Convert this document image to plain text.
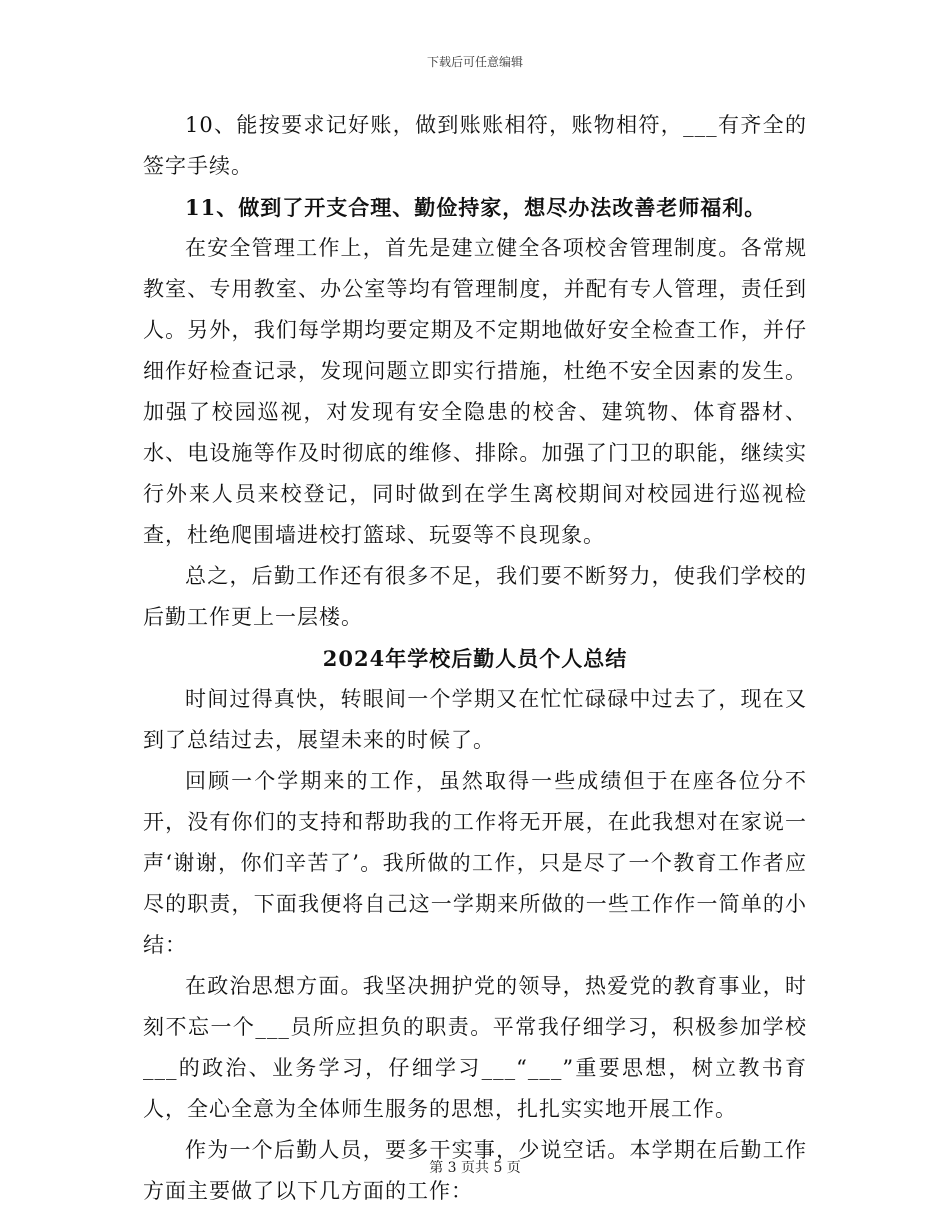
下载后可任意编辑

10、能按要求记好账，做到账账相符，账物相符，___有齐全的签字手续。

11、做到了开支合理、勤俭持家，想尽办法改善老师福利。

在安全管理工作上，首先是建立健全各项校舍管理制度。各常规教室、专用教室、办公室等均有管理制度，并配有专人管理，责任到人。另外，我们每学期均要定期及不定期地做好安全检查工作，并仔细作好检查记录，发现问题立即实行措施，杜绝不安全因素的发生。加强了校园巡视，对发现有安全隐患的校舍、建筑物、体育器材、水、电设施等作及时彻底的维修、排除。加强了门卫的职能，继续实行外来人员来校登记，同时做到在学生离校期间对校园进行巡视检查，杜绝爬围墙进校打篮球、玩耍等不良现象。

总之，后勤工作还有很多不足，我们要不断努力，使我们学校的后勤工作更上一层楼。

2024年学校后勤人员个人总结

时间过得真快，转眼间一个学期又在忙忙碌碌中过去了，现在又到了总结过去，展望未来的时候了。

回顾一个学期来的工作，虽然取得一些成绩但于在座各位分不开，没有你们的支持和帮助我的工作将无开展，在此我想对在家说一声‘谢谢，你们辛苦了’。我所做的工作，只是尽了一个教育工作者应尽的职责，下面我便将自己这一学期来所做的一些工作作一简单的小结：

在政治思想方面。我坚决拥护党的领导，热爱党的教育事业，时刻不忘一个___员所应担负的职责。平常我仔细学习，积极参加学校___的政治、业务学习，仔细学习___“___”重要思想，树立教书育人，全心全意为全体师生服务的思想，扎扎实实地开展工作。

作为一个后勤人员，要多干实事，少说空话。本学期在后勤工作方面主要做了以下几方面的工作：

第 3 页共 5 页
